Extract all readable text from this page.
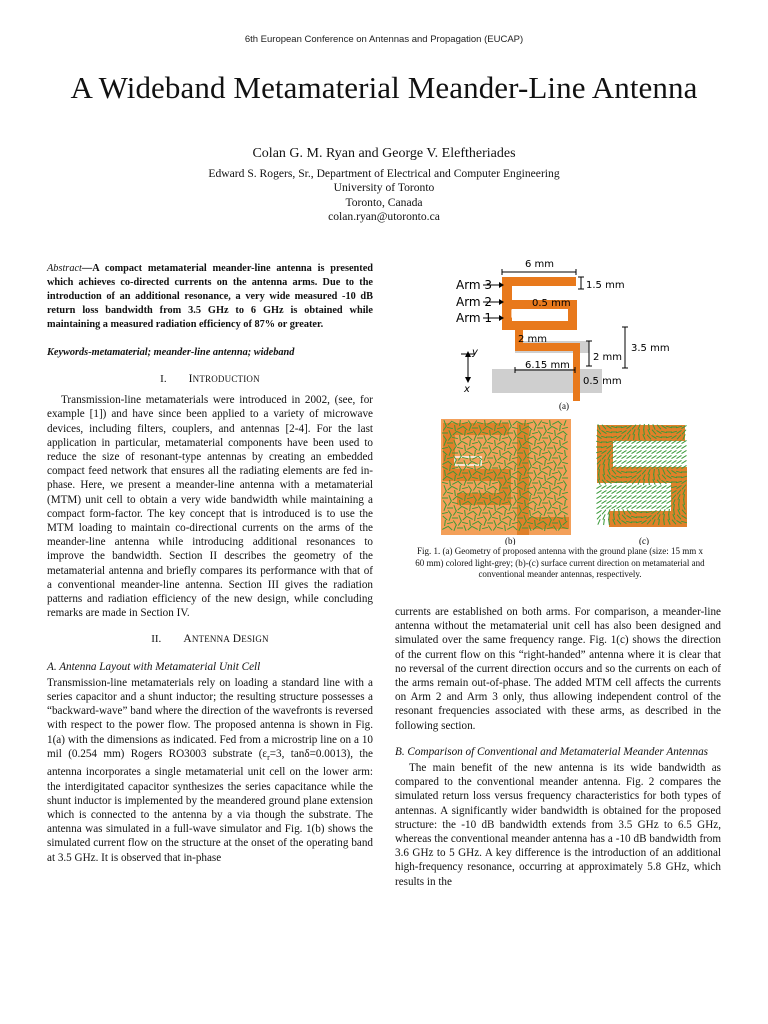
6th European Conference on Antennas and Propagation (EUCAP)
A Wideband Metamaterial Meander-Line Antenna
Colan G. M. Ryan and George V. Eleftheriades
Edward S. Rogers, Sr., Department of Electrical and Computer Engineering
University of Toronto
Toronto, Canada
colan.ryan@utoronto.ca

Abstract—A compact metamaterial meander-line antenna is presented which achieves co-directed currents on the antenna arms. Due to the introduction of an additional resonance, a very wide measured -10 dB return loss bandwidth from 3.5 GHz to 6 GHz is obtained while maintaining a measured radiation efficiency of 87% or greater.

Keywords-metamaterial; meander-line antenna; wideband

I. INTRODUCTION

Transmission-line metamaterials were introduced in 2002, (see, for example [1]) and have since been applied to a variety of microwave devices, including filters, couplers, and antennas [2-4]. For the last application in particular, metamaterial components have been used to reduce the size of resonant-type antennas by creating an embedded compact feed network that ensures all the radiating elements are fed in-phase. Here, we present a meander-line antenna with a metamaterial (MTM) unit cell to obtain a very wide bandwidth while maintaining a compact form-factor. The key concept that is introduced is to use the MTM loading to maintain co-directional currents on the arms of the meander-line antenna while introducing additional resonances to improve the bandwidth. Section II describes the geometry of the metamaterial antenna and briefly compares its performance with that of a conventional meander-line antenna. Section III gives the radiation patterns and radiation efficiency of the new design, while concluding remarks are made in Section IV.

II. ANTENNA DESIGN
A. Antenna Layout with Metamaterial Unit Cell

Transmission-line metamaterials rely on loading a standard line with a series capacitor and a shunt inductor; the resulting structure possesses a “backward-wave” band where the direction of the wavefronts is reversed with respect to the power flow. The proposed antenna is shown in Fig. 1(a) with the dimensions as indicated. Fed from a microstrip line on a 10 mil (0.254 mm) Rogers RO3003 substrate ($\varepsilon_r=3$, tanδ=0.0013), the antenna incorporates a single metamaterial unit cell on the lower arm: the interdigitated capacitor synthesizes the series capacitance while the shunt inductor is implemented by the meandered ground plane extension which is connected to the antenna by a via though the substrate. The antenna was simulated in a full-wave simulator and Fig. 1(b) shows the simulated current flow on the structure at the onset of the operating band at 3.5 GHz. It is observed that in-phase

6 mm
1.5 mm
0.5 mm
2 mm
2 mm
3.5 mm
6.15 mm
0.5 mm
Arm 3
Arm 2
Arm 1
y
x
(a)
(b)	(c)
Fig. 1. (a) Geometry of proposed antenna with the ground plane (size: 15 mm x 60 mm) colored light-grey; (b)-(c) surface current direction on metamaterial and conventional meander antennas, respectively.

currents are established on both arms. For comparison, a meander-line antenna without the metamaterial unit cell has also been designed and simulated over the same frequency range. Fig. 1(c) shows the direction of the current flow on this “right-handed” antenna where it is clear that no reversal of the current direction occurs and so the currents on each of the arms remain out-of-phase. The added MTM cell affects the currents on Arm 2 and Arm 3 only, thus allowing independent control of the resonant frequencies associated with these arms, as described in the following section.

B. Comparison of Conventional and Metamaterial Meander Antennas

The main benefit of the new antenna is its wide bandwidth as compared to the conventional meander antenna. Fig. 2 compares the simulated return loss versus frequency characteristics for both types of antennas. A significantly wider bandwidth is obtained for the proposed structure: the -10 dB bandwidth extends from 3.5 GHz to 6.5 GHz, whereas the conventional meander antenna has a -10 dB bandwidth from 3.6 GHz to 5 GHz. A key difference is the introduction of an additional high-frequency resonance, occurring at approximately 5.8 GHz, which results in the
